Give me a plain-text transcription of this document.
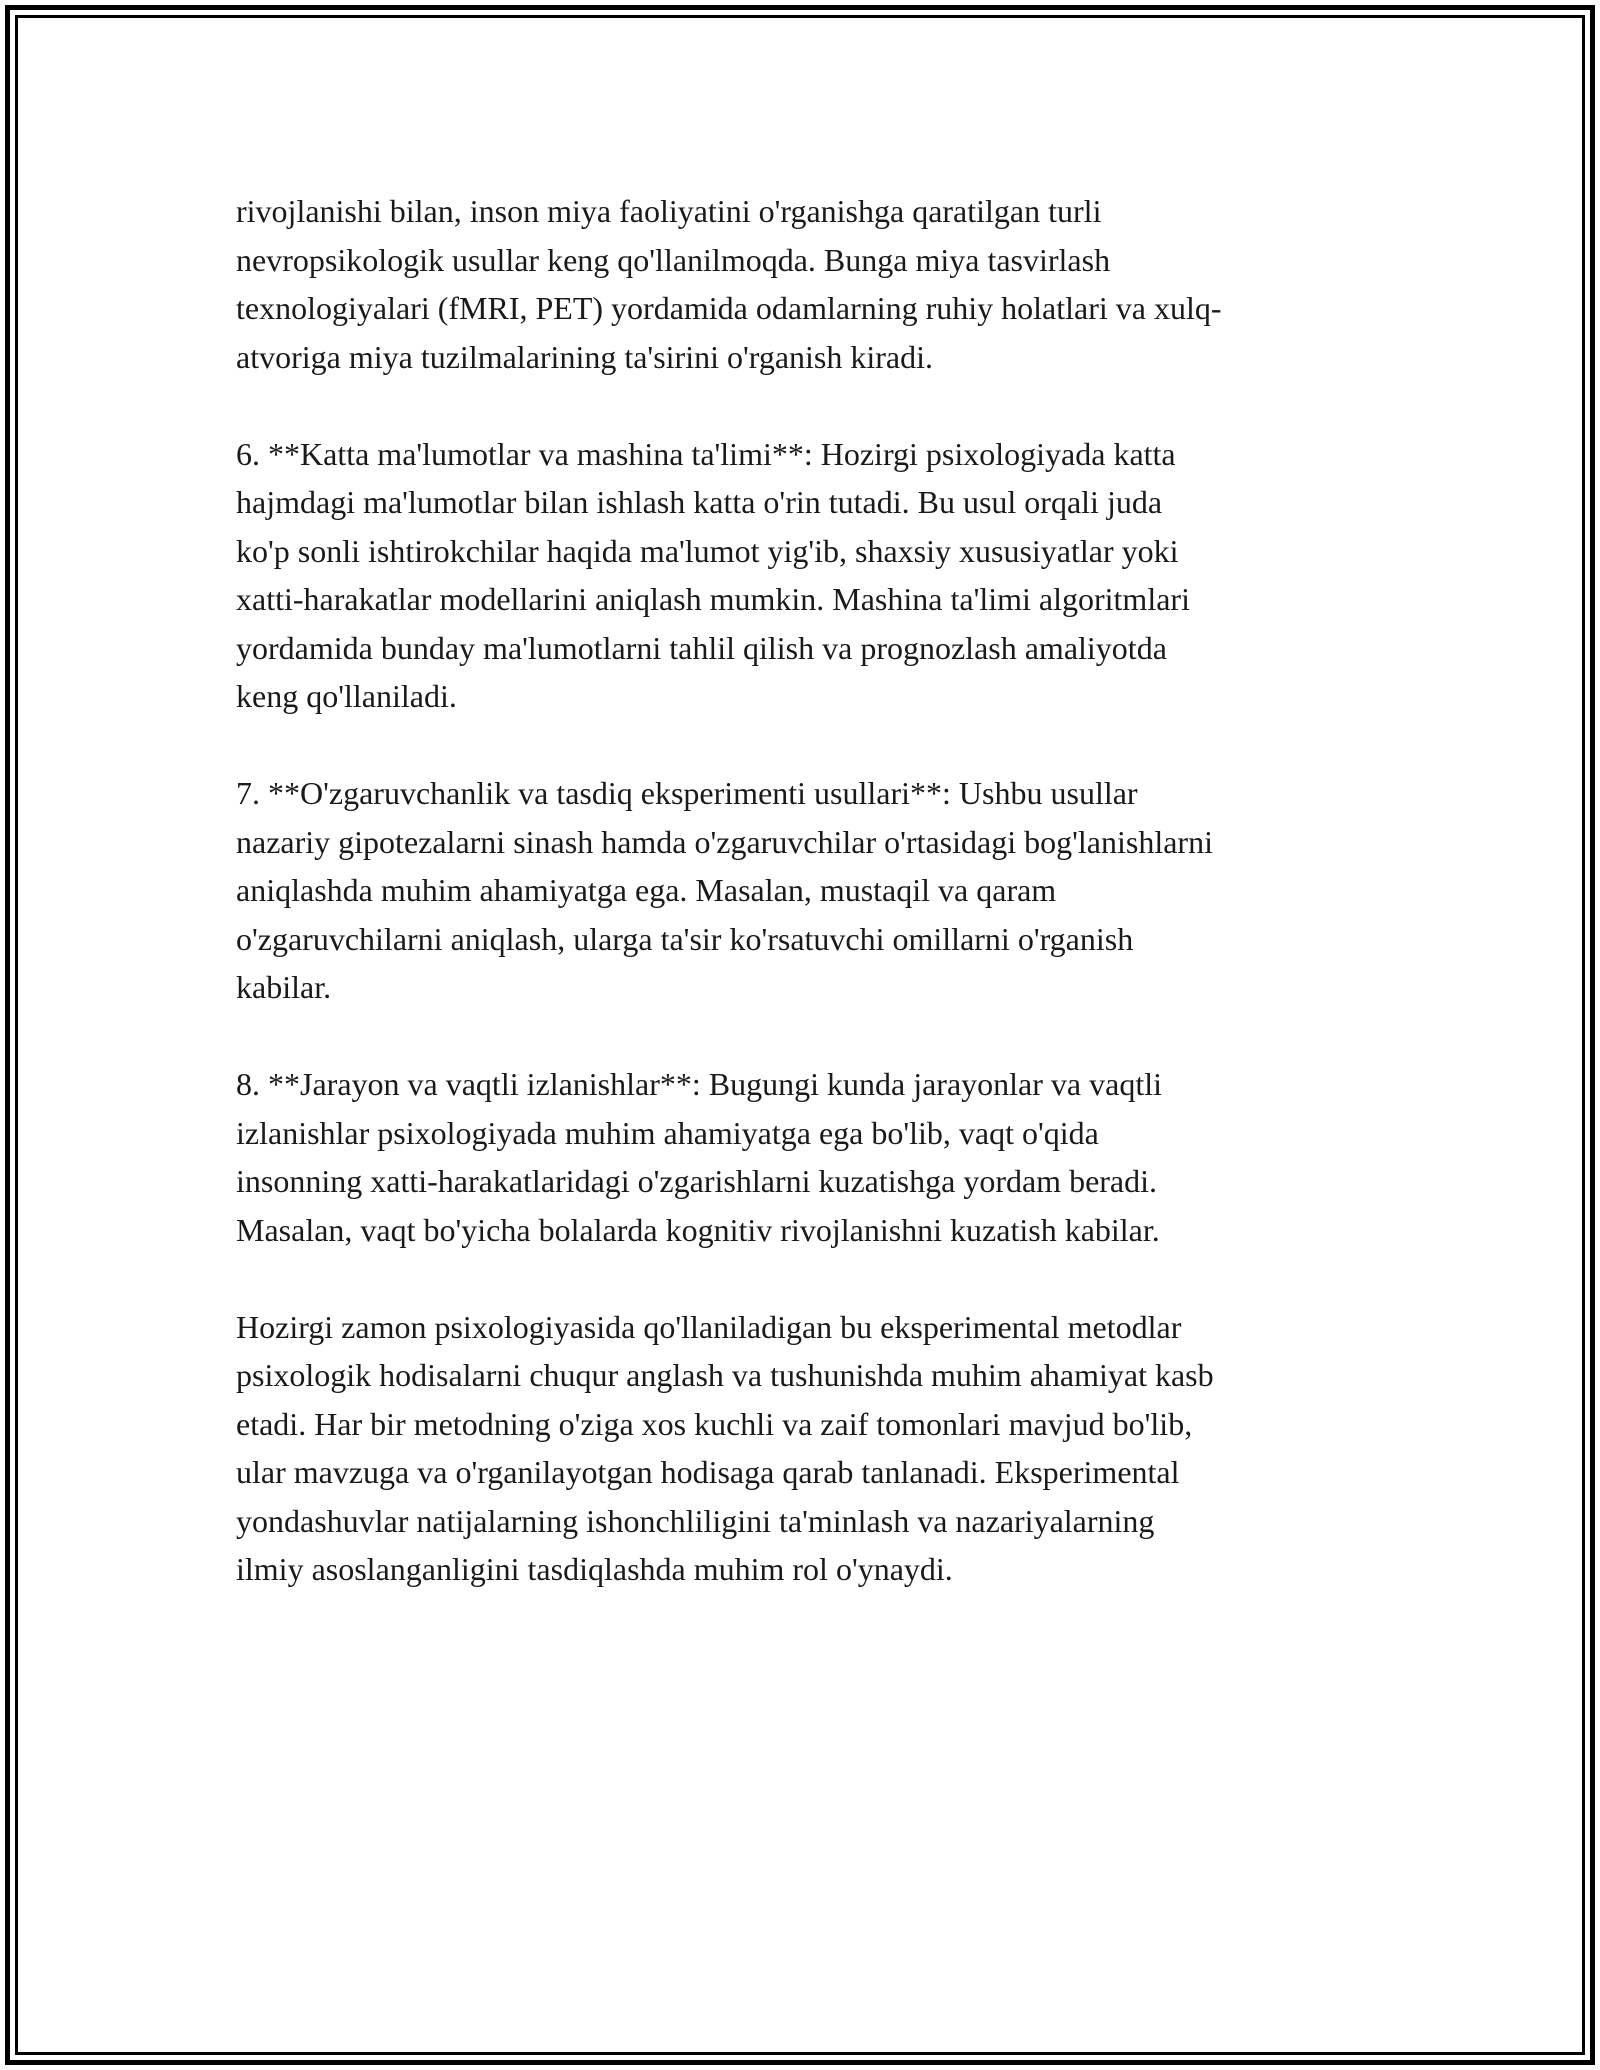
rivojlanishi bilan, inson miya faoliyatini o'rganishga qaratilgan turli
nevropsikologik usullar keng qo'llanilmoqda. Bunga miya tasvirlash
texnologiyalari (fMRI, PET) yordamida odamlarning ruhiy holatlari va xulq-
atvoriga miya tuzilmalarining ta'sirini o'rganish kiradi.

6. **Katta ma'lumotlar va mashina ta'limi**: Hozirgi psixologiyada katta
hajmdagi ma'lumotlar bilan ishlash katta o'rin tutadi. Bu usul orqali juda
ko'p sonli ishtirokchilar haqida ma'lumot yig'ib, shaxsiy xususiyatlar yoki
xatti-harakatlar modellarini aniqlash mumkin. Mashina ta'limi algoritmlari
yordamida bunday ma'lumotlarni tahlil qilish va prognozlash amaliyotda
keng qo'llaniladi.

7. **O'zgaruvchanlik va tasdiq eksperimenti usullari**: Ushbu usullar
nazariy gipotezalarni sinash hamda o'zgaruvchilar o'rtasidagi bog'lanishlarni
aniqlashda muhim ahamiyatga ega. Masalan, mustaqil va qaram
o'zgaruvchilarni aniqlash, ularga ta'sir ko'rsatuvchi omillarni o'rganish
kabilar.

8. **Jarayon va vaqtli izlanishlar**: Bugungi kunda jarayonlar va vaqtli
izlanishlar psixologiyada muhim ahamiyatga ega bo'lib, vaqt o'qida
insonning xatti-harakatlaridagi o'zgarishlarni kuzatishga yordam beradi.
Masalan, vaqt bo'yicha bolalarda kognitiv rivojlanishni kuzatish kabilar.

Hozirgi zamon psixologiyasida qo'llaniladigan bu eksperimental metodlar
psixologik hodisalarni chuqur anglash va tushunishda muhim ahamiyat kasb
etadi. Har bir metodning o'ziga xos kuchli va zaif tomonlari mavjud bo'lib,
ular mavzuga va o'rganilayotgan hodisaga qarab tanlanadi. Eksperimental
yondashuvlar natijalarning ishonchliligini ta'minlash va nazariyalarning
ilmiy asoslanganligini tasdiqlashda muhim rol o'ynaydi.
